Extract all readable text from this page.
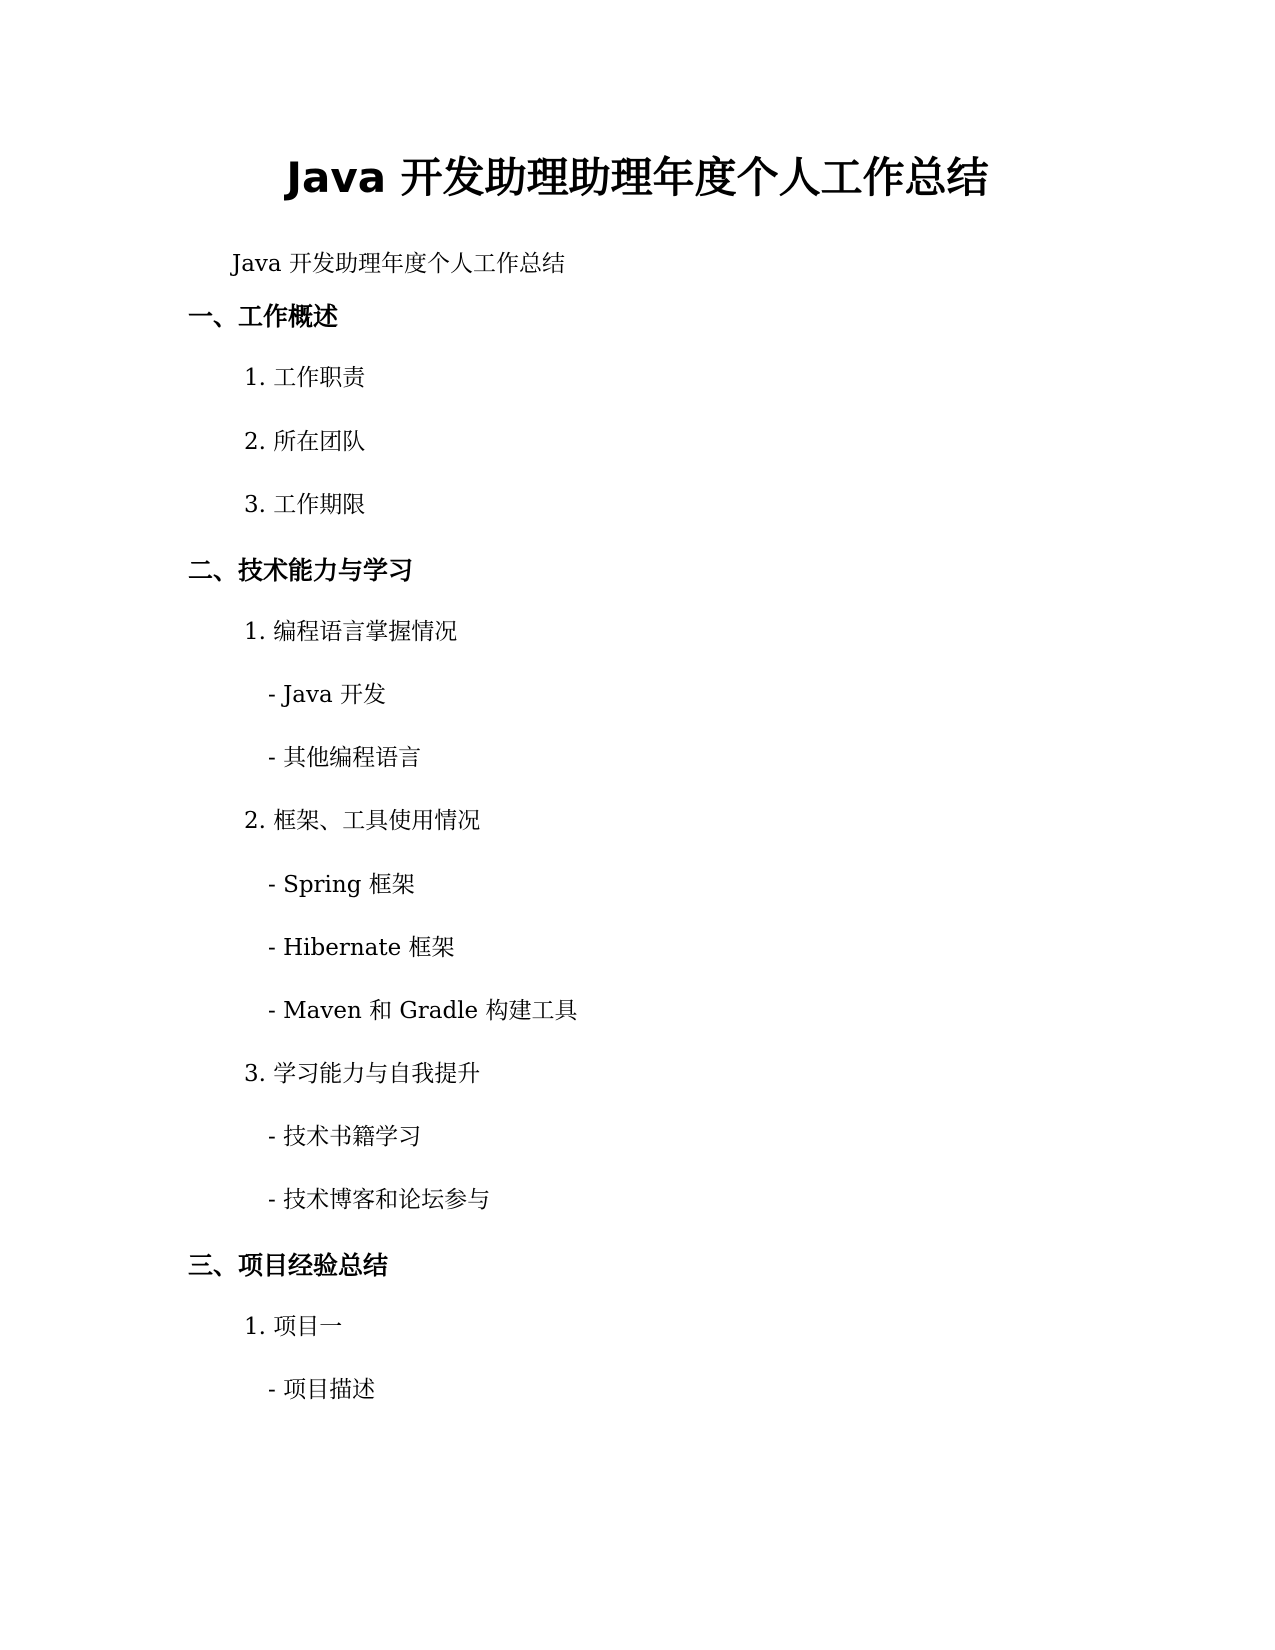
Java 开发助理助理年度个人工作总结
Java 开发助理年度个人工作总结
一、工作概述
1. 工作职责
2. 所在团队
3. 工作期限
二、技术能力与学习
1. 编程语言掌握情况
- Java 开发
- 其他编程语言
2. 框架、工具使用情况
- Spring 框架
- Hibernate 框架
- Maven 和 Gradle 构建工具
3. 学习能力与自我提升
- 技术书籍学习
- 技术博客和论坛参与
三、项目经验总结
1. 项目一
- 项目描述
